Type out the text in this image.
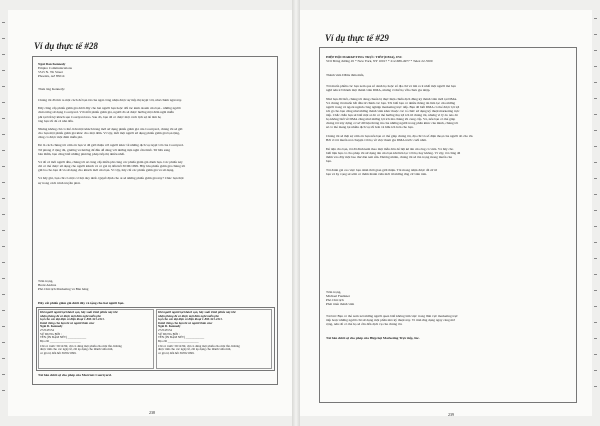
Ví dụ thực tế #28
Ngài Dan Kennedy
Empire Communications
5515 N. 7th Street
Phoenix, AZ 85014
Thưa ông Kennedy:
Chúng tôi đã tìm ra một cách để bạn tải của ngài công nhận được sự tiếp thị tuyệt vời, như chính ngài này.
Đây cũng cấp phiếu giảm giá dưới đây cho hai người bạn hoặc đối tác kinh doanh của bạn - những người
chưa từng sử dụng Courtyard. Với mỗi phiếu giảm giá, người đó sẽ được hưởng một đêm nghỉ miễn
phí tại bất kỳ khách sạn Courtyard nào. Sau đó, bạn đã có được một cách lịch sự để làm họ
ông bạn tốt để cả nhà đến.
Nhưng không chỉ có thế. Khi một khách hàng mới sử dụng phiếu giảm giá của Courtyard, chúng tôi sẽ gửi
cho bạn một phiếu giảm giá khác cho một đêm. Vì vậy, mỗi một người sử dụng phiếu giảm giá bạn tặng,
cũng có được một đêm miễn phí.
Đó là cách chúng tôi cảm ơn bạn vì đã giới thiệu với người khác về những dịch vụ tuyệt vời của Courtyard.
Từ phòng ở rộng rãi, giường và hướng đế đều dễ dàng với những tiện nghi cần thiết. Từ bữa sáng
bàn thắm, bạn cũng biết những phương pháp tiếp thị nhiều nhất.
Và tất cả mối người đều, chúng tôi sẽ cùng cấp miễn phí cùng các phiếu giảm giá dành bạn. Các phiếu này
chỉ có thể được sử dụng cho người khách và có giá trị đến hết 30/06/1999. Hãy lưu phiếu giảm giá chúng tôi
gửi ba cho bạn đi và sử dụng cho khách mới của bạn. Vì vậy, hãy cất các phiếu giảm giá và sử dụng.
Và hãy ghi, bạn chỉ có một cơ hội duy nhất. Quyết định cho ai sẽ những phiếu giảm giá này? Chúc bạn thật
sự trong cách trình truyền phát.
Trân trọng,
Brent Andrus
Phó Chủ tịch Marketing và Bán hàng
Hãy cắt phiếu giảm giá dưới đây và tặng cho hai người bạn.
Khi người người tại khách sạn, hãy xuất trình phiếu này khi
nhận phòng để có được một đêm nghỉ miễn phí.
Gọi cho các đại diện số điện thoại 1-800-321-2211.
Dành riêng cho bạn bè và người thân của:
Ngài D. Kennedy
272545554
SỬ DỤNG BỞI :
TÊN (IN ĐẬM NÉT) ____________
Địa chỉ ____________________
Chỉ có trước 30/12/99, chỉ có dùng một phiếu cho một lần. Không
được tính cho các ngày lễ, chỉ áp dụng cho thành viên mới,
có giá trị đến hết 30/06/1999.
Khi người người tại khách sạn, hãy xuất trình phiếu này khi
nhận phòng để có được một đêm nghỉ miễn phí.
Gọi cho các đại diện số điện thoại 1-800-321-2211.
Dành riêng cho bạn bè và người thân của:
Ngài D. Kennedy
272545554
SỬ DỤNG BỞI :
TÊN (IN ĐẬM NÉT) ____________
Địa chỉ ____________________
Chỉ có trước 30/12/99, chỉ có dùng một phiếu cho một lần. Không
được tính cho các ngày lễ, chỉ áp dụng cho thành viên mới,
có giá trị đến hết 30/06/1999.
Tái bản dưới sự cho phép của Marriott Courtyard.
238
Ví dụ thực tế #29
HIỆP HỘI MARKETING TRỰC TIẾP (DMA), INC
50 6 Đông đường 45 * New York, NY 10017 * 212-689-4977 * Telex 22-5500
Thành viên DMA thân mến,
Tôi muốn phiền các bạn xem qua số danh họ hoặc số địa chỉ và tìm ra ít nhất một người mà bạn
nghĩ nên trở thành một thành viên DMA, nhưng vì thế họ vẫn chưa gia nhập.
Như bạn đã biết, chúng tôi đang chuẩn bị thực hiện chiến dịch đăng ký thành viên mới tại DMA.
Và chúng tôi muốn bắt đầu từ chính các bạn. Tôi biết bạn có nhiều thông tin liên lạc của những
người trong và ngoài ngành công nghiệp marketing trực tiếp. Bạn đã biết DMA có thể được lợi lợi
ích gì cho bạn cũng như những thành viên khác thuộc các tổ chức sử dụng kỹ thuật marketing trực
tiếp. Chắc chắn bạn sẽ biết một ai đó có thể hưởng thụ lợi ích từ chúng tôi, nhưng vì lý do nào đó
họ không biết về DMA cũng như những lợi ích mà chúng tôi cung cấp. Và, nếu bạn có thể giúp
chúng tôi xây dựng cơ sở dữ liệu thông tin của những người trong phân khúc của mình, chúng tôi
sẽ có thể mang lại nhiều dịch vụ tốt hơn và hữu ích hơn cho bạn.
Chúng tôi sẽ thật sự cảm ơn bạn nếu bạn có thể giúp chúng tôi, địa chỉ và số điện thoại của người đó cho tôi.
Bởi vì tôi muốn nói chuyện với họ về việc tham gia DMA trước cuối năm.
Để tiện cho bạn, tôi đã đính kèm theo một mẫu đơn để liệt kê tên của ông có viên. Và hãy cho
biết liệu bạn có cho phép tôi sử dụng tên của bạn khi liên lạc với họ hay không. Vì vậy, tôi cũng đã
thêm vào đây một bao thư dán tem sẵn. Đương nhiên, chúng tôi sẽ tôn trọng mong muốn của
bạn.
Tôi đánh giá cao việc bạn dành thời gian giới thiệu. Tôi mong nhận được đề cử từ
bạn và hy vọng sẽ sớm có thêm thành viên mới từ những ứng cử viên trên.
Trân trọng,
Michael Faulkner
Phó Chủ tịch
Phát triển thành viên
Tái bút: Bạn có thể xem xét những người quen biết không làm việc trong lĩnh vực marketing trực
tiếp hoặc những người chỉ sử dụng một phần nhỏ kỹ thuật này. Vì tính ứng dụng ngày càng mở
rộng, nên rất có thể họ sẽ cần đến dịch vụ của chúng tôi.
Tái bản dưới sự cho phép của Hiệp hội Marketing Trực tiếp, Inc.
239
